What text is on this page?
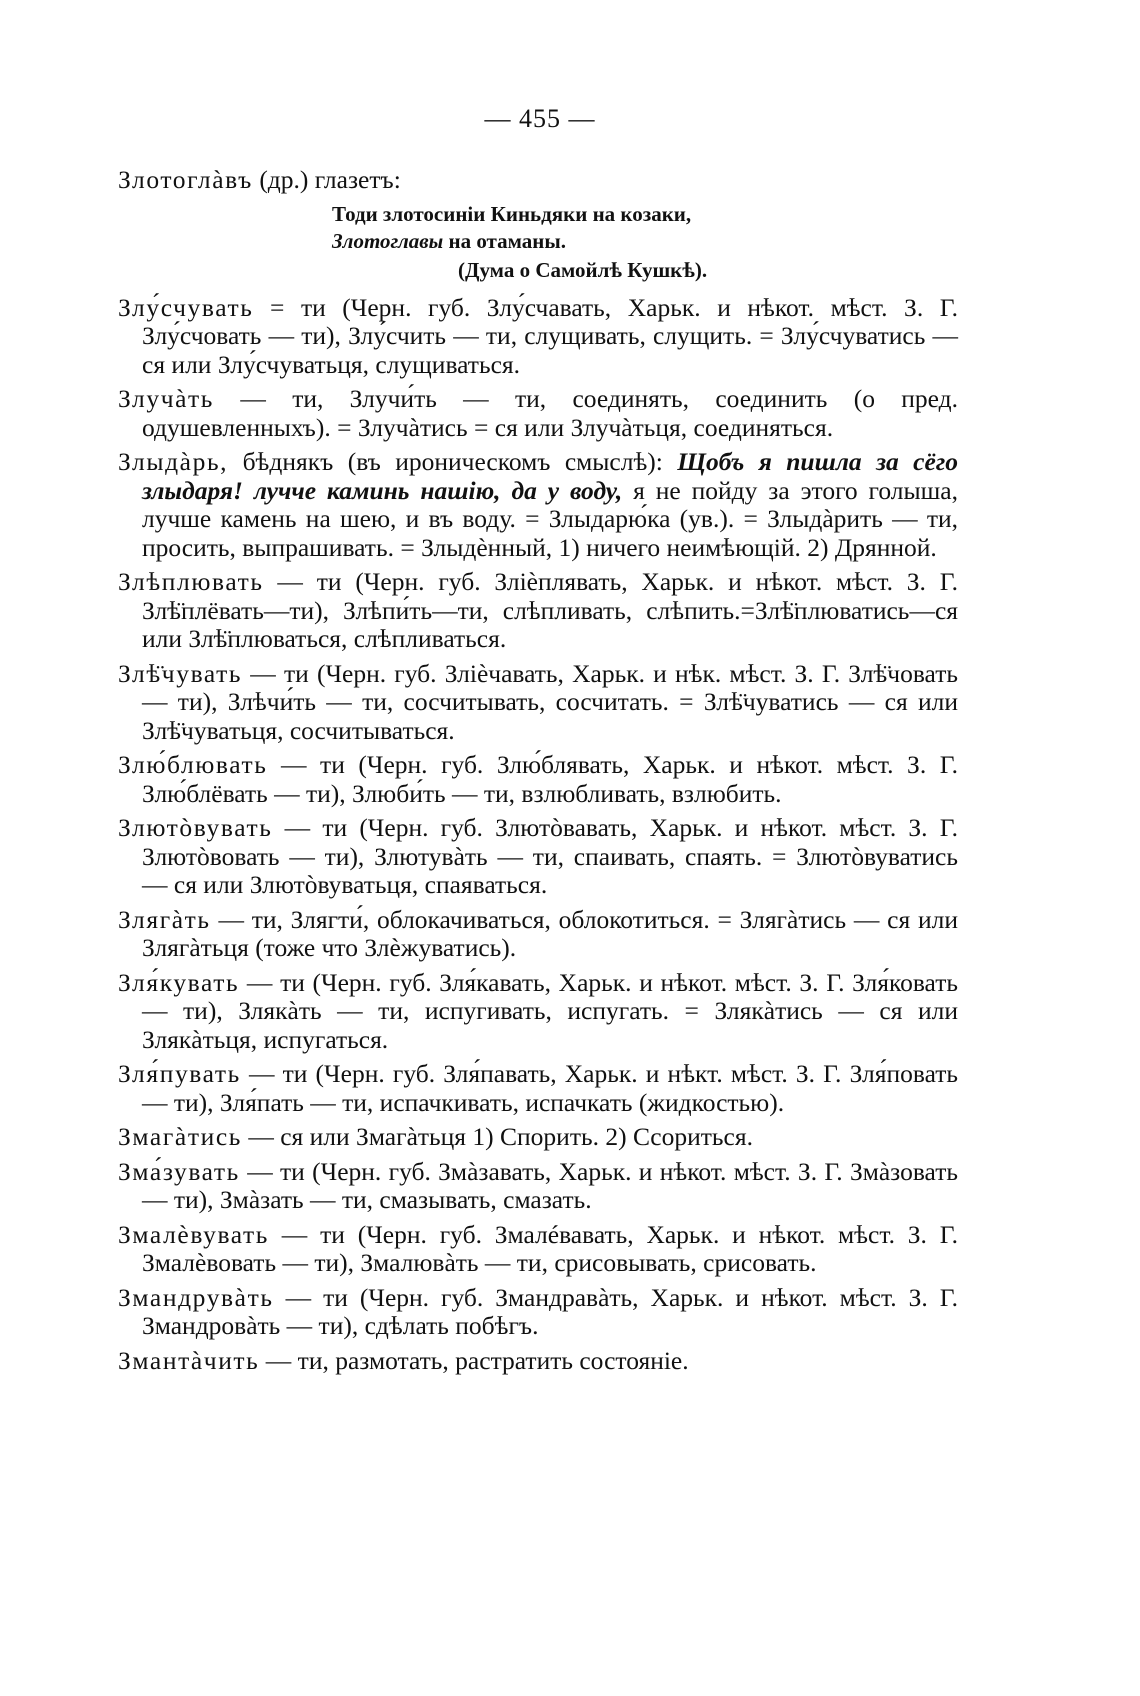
— 455 —

Злотоглàвъ (др.) глазетъ:

Тоди злотосинiи Киньдяки на козаки,
Злотоглавы на отаманы.
(Дума о Самойлѣ Кушкѣ).

Злу́счувать = ти (Черн. губ. Злу́счавать, Харьк. и нѣкот. мѣст. З. Г. Злу́счовать — ти), Злу́счить — ти, слущивать, слущить. = Злу́счуватись — ся или Злу́счуватьця, слущиваться.

Злучàть — ти, Злучи́ть — ти, соединять, соединить (о пред. одушевленныхъ). = Злучàтись = ся или Злучàтьця, соединяться.

Злыдàрь, бѣднякъ (въ ироническомъ смыслѣ): Щобъ я пишла за сёго злыдаря! лучче каминь нашiю, да у воду, я не пойду за этого голыша, лучше камень на шею, и въ воду. = Злыдарю́ка (ув.). = Злыдàрить — ти, просить, выпрашивать. = Злыдѐнный, 1) ничего неимѣющiй. 2) Дрянной.

Злѣплювать — ти (Черн. губ. Злiѐплявать, Харьк. и нѣкот. мѣст. З. Г. Злѣ̈плёвать—ти), Злѣпи́ть—ти, слѣпливать, слѣпить.=Злѣ̈плюватись—ся или Злѣ̈плюваться, слѣпливаться.

Злѣ̈чувать — ти (Черн. губ. Злiѐчавать, Харьк. и нѣк. мѣст. З. Г. Злѣ̈човать — ти), Злѣчи́ть — ти, сосчитывать, сосчитать. = Злѣ̈чуватись — ся или Злѣ̈чуватьця, сосчитываться.

Злю́блювать — ти (Черн. губ. Злю́блявать, Харьк. и нѣкот. мѣст. З. Г. Злю́блёвать — ти), Злюби́ть — ти, взлюбливать, взлюбить.

Злютòвувать — ти (Черн. губ. Злютòвавать, Харьк. и нѣкот. мѣст. З. Г. Злютòвовать — ти), Злютувàть — ти, спаивать, спаять. = Злютòвуватись — ся или Злютòвуватьця, спаяваться.

Злягàть — ти, Злягти́, облокачиваться, облокотиться. = Злягàтись — ся или Злягàтьця (тоже что Злѐжуватись).

Зля́кувать — ти (Черн. губ. Зля́кавать, Харьк. и нѣкот. мѣст. З. Г. Зля́ковать — ти), Злякàть — ти, испугивать, испугать. = Злякàтись — ся или Злякàтьця, испугаться.

Зля́пувать — ти (Черн. губ. Зля́павать, Харьк. и нѣкт. мѣст. З. Г. Зля́повать — ти), Зля́пать — ти, испачкивать, испачкать (жидкостью).

Змагàтись — ся или Змагàтьця 1) Спорить. 2) Ссориться.

Зма́зувать — ти (Черн. губ. Змàзавать, Харьк. и нѣкот. мѣст. З. Г. Змàзовать — ти), Змàзать — ти, смазывать, смазать.

Змалѐвувать — ти (Черн. губ. Змалéвавать, Харьк. и нѣкот. мѣст. З. Г. Змалѐвовать — ти), Змалювàть — ти, срисовывать, срисовать.

Змандрувàть — ти (Черн. губ. Змандравàть, Харьк. и нѣкот. мѣст. З. Г. Змандровàть — ти), сдѣлать побѣгъ.

Змантàчить — ти, размотать, растратить состоянiе.
